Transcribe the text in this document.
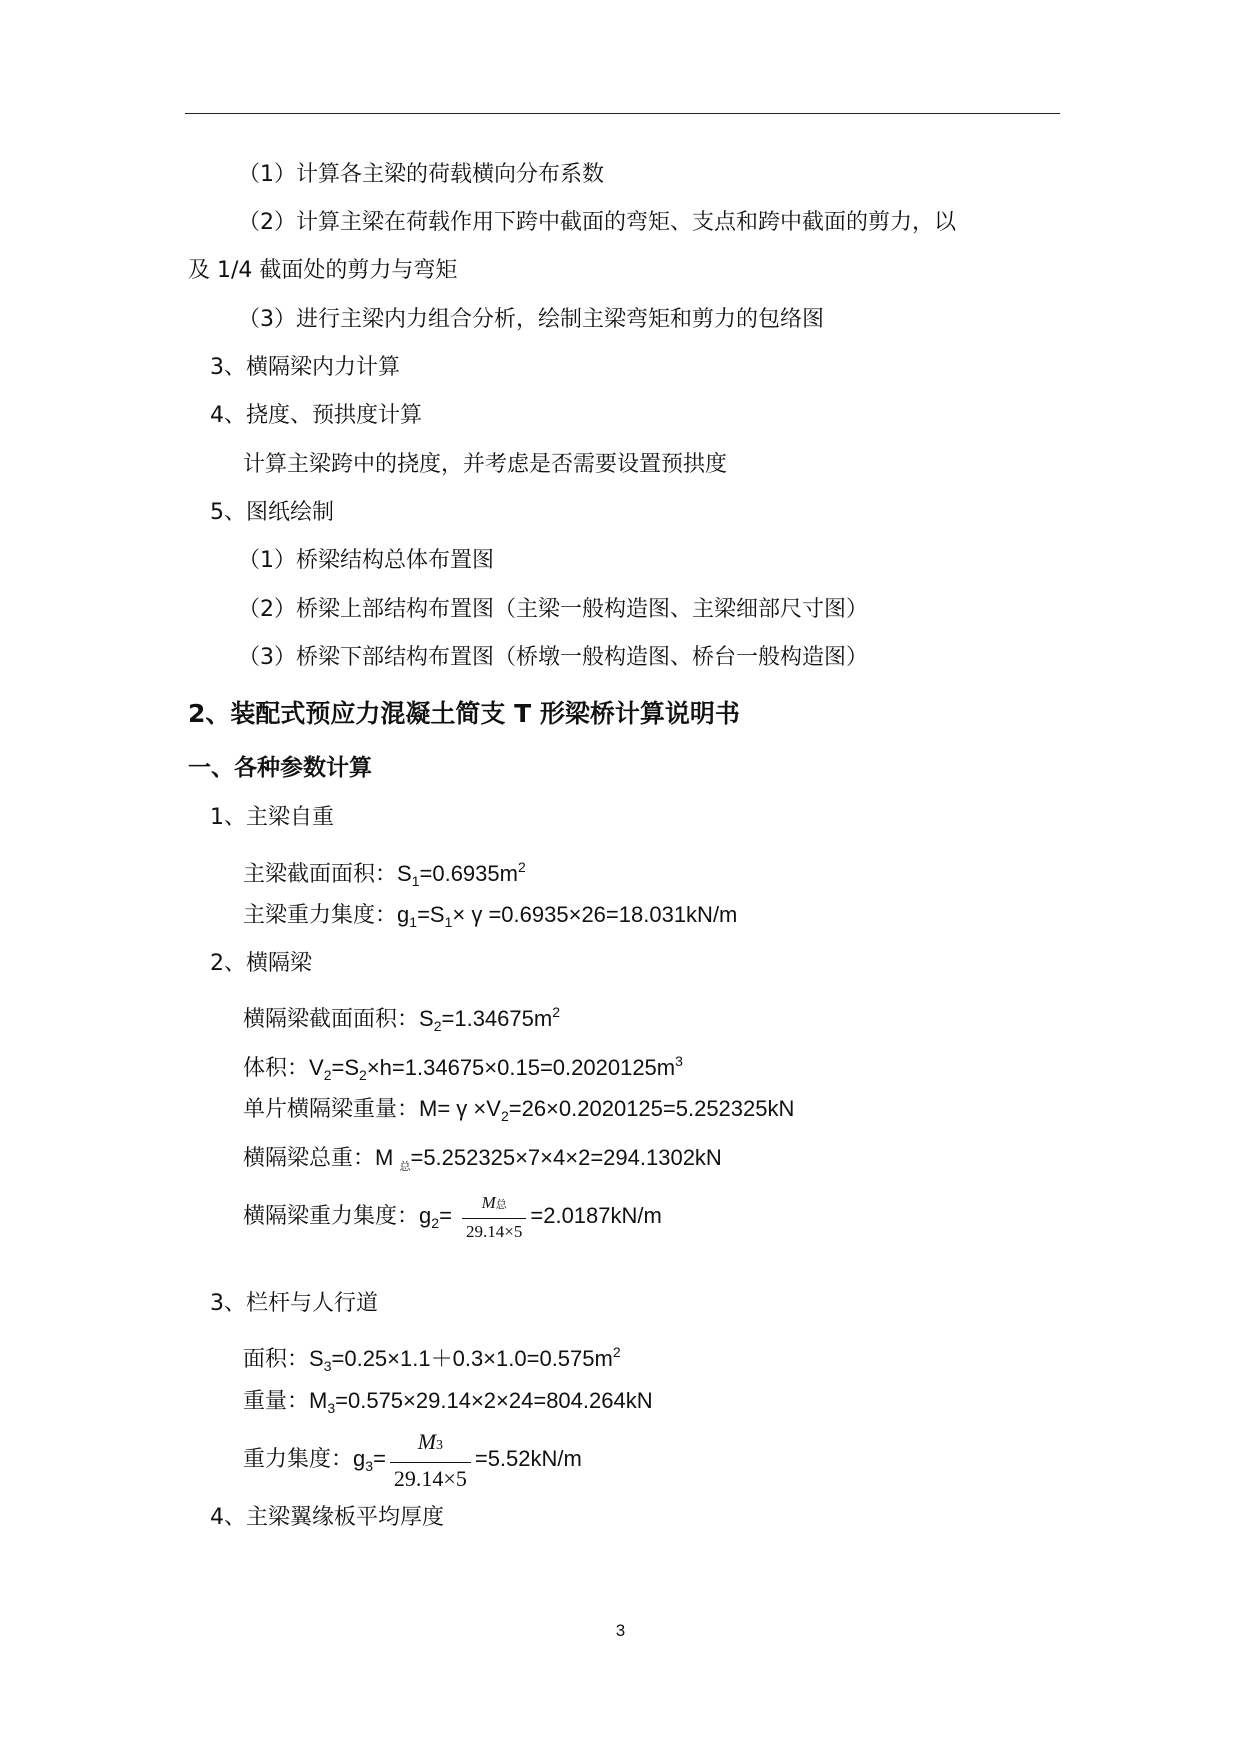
（1）计算各主梁的荷载横向分布系数
（2）计算主梁在荷载作用下跨中截面的弯矩、支点和跨中截面的剪力，以
及 1/4 截面处的剪力与弯矩
（3）进行主梁内力组合分析，绘制主梁弯矩和剪力的包络图
3、横隔梁内力计算
4、挠度、预拱度计算
计算主梁跨中的挠度，并考虑是否需要设置预拱度
5、图纸绘制
（1）桥梁结构总体布置图
（2）桥梁上部结构布置图（主梁一般构造图、主梁细部尺寸图）
（3）桥梁下部结构布置图（桥墩一般构造图、桥台一般构造图）
2、装配式预应力混凝土简支 T 形梁桥计算说明书
一、各种参数计算
1、主梁自重
主梁截面面积：$S_1=0.6935m^2$
主梁重力集度：$g_1=S_1\times \gamma =0.6935\times 26=18.031kN/m$
2、横隔梁
横隔梁截面面积：$S_2=1.34675m^2$
体积：$V_2=S_2\times h=1.34675\times 0.15=0.2020125m^3$
单片横隔梁重量：$M= \gamma \times V_2=26\times 0.2020125=5.252325kN$
横隔梁总重：M $_总$=5.252325×7×4×2=294.1302kN
横隔梁重力集度：$g_2= \frac{\text{M总}}{29.14\times 5} =2.0187kN/m$
3、栏杆与人行道
面积：$S_3=0.25\times 1.1+0.3\times 1.0=0.575m^2$
重量：$M_3=0.575\times 29.14\times 2\times 24=804.264kN$
重力集度：$g_3= \frac{M3}{29.14\times 5} =5.52kN/m$
4、主梁翼缘板平均厚度
3
